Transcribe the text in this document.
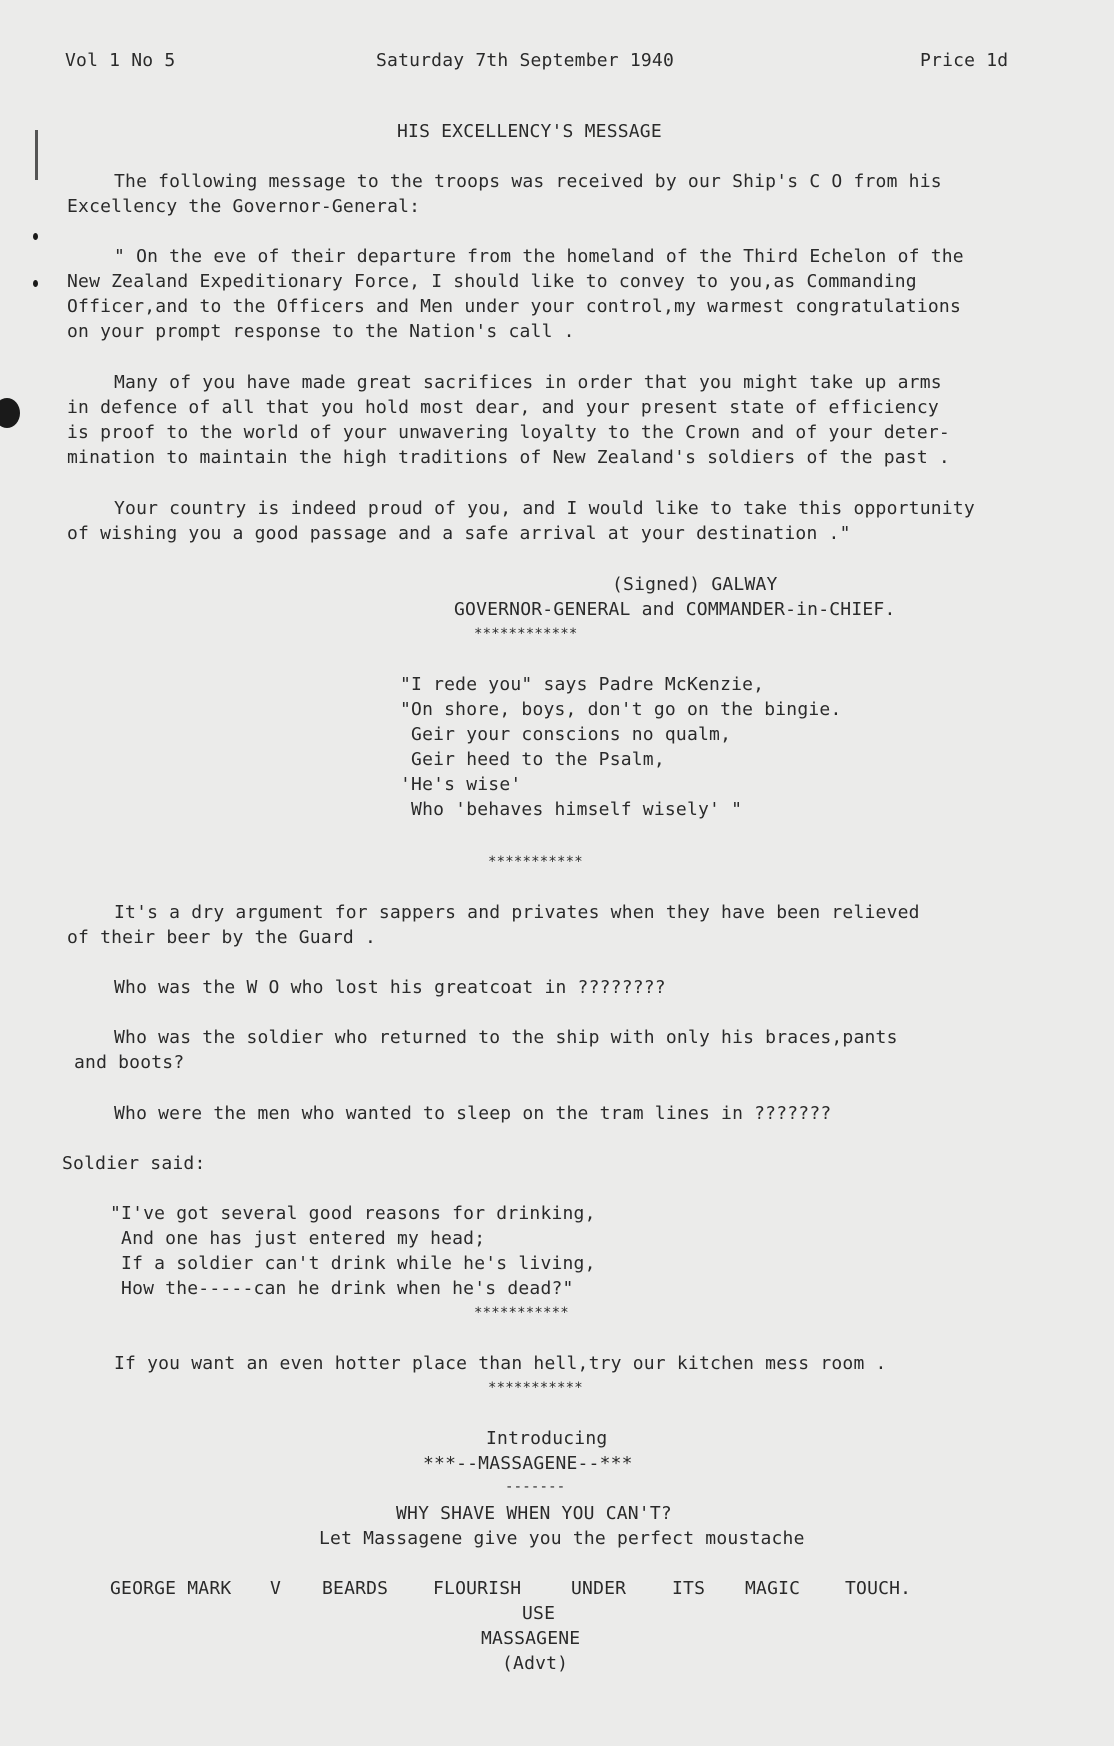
Vol 1 No 5	Saturday 7th September 1940	Price 1d
HIS EXCELLENCY'S MESSAGE
The following message to the troops was received by our Ship's C O from his
Excellency the Governor-General:
" On the eve of their departure from the homeland of the Third Echelon of the
New Zealand Expeditionary Force, I should like to convey to you,as Commanding
Officer,and to the Officers and Men under your control,my warmest congratulations
on your prompt response to the Nation's call .
Many of you have made great sacrifices in order that you might take up arms
in defence of all that you hold most dear, and your present state of efficiency
is proof to the world of your unwavering loyalty to the Crown and of your deter-
mination to maintain the high traditions of New Zealand's soldiers of the past .
Your country is indeed proud of you, and I would like to take this opportunity
of wishing you a good passage and a safe arrival at your destination ."
(Signed) GALWAY
GOVERNOR-GENERAL and COMMANDER-in-CHIEF.
************
"I rede you" says Padre McKenzie,
"On shore, boys, don't go on the bingie.
Geir your conscions no qualm,
Geir heed to the Psalm,
'He's wise'
Who 'behaves himself wisely' "
***********
It's a dry argument for sappers and privates when they have been relieved
of their beer by the Guard .
Who was the W O who lost his greatcoat in ????????
Who was the soldier who returned to the ship with only his braces,pants
and boots?
Who were the men who wanted to sleep on the tram lines in ???????
Soldier said:
"I've got several good reasons for drinking,
And one has just entered my head;
If a soldier can't drink while he's living,
How the-----can he drink when he's dead?"
***********
If you want an even hotter place than hell,try our kitchen mess room .
***********
Introducing
***--MASSAGENE--***
-------
WHY SHAVE WHEN YOU CAN'T?
Let Massagene give you the perfect moustache
GEORGE MARK V BEARDS FLOURISH	UNDER	ITS MAGIC TOUCH.
USE
MASSAGENE
(Advt)
